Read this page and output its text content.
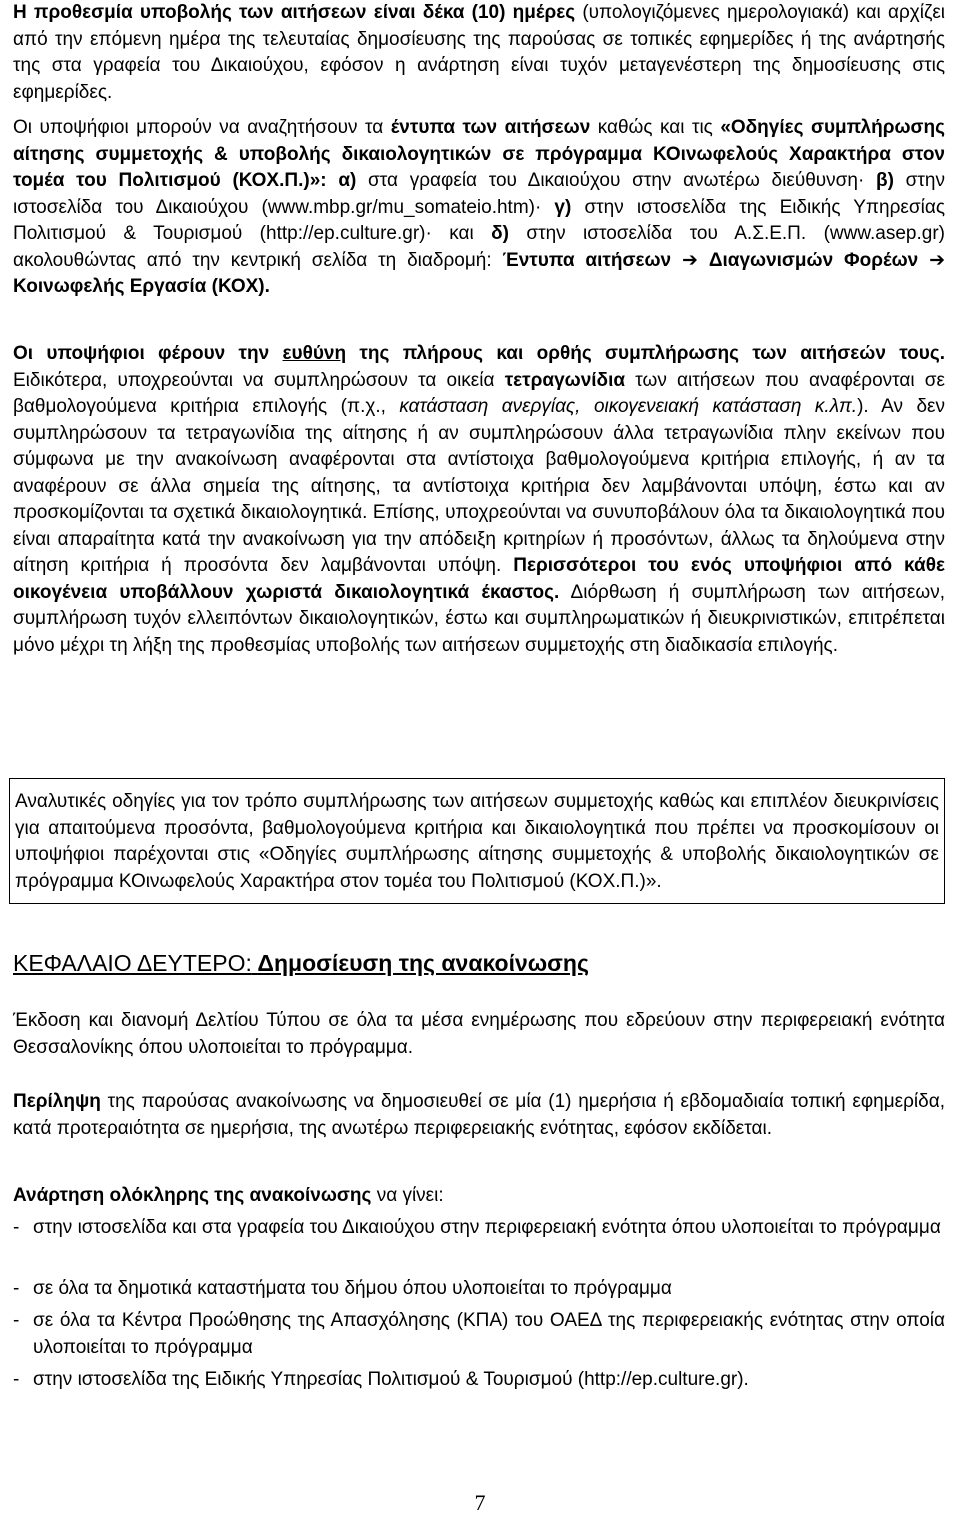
Η προθεσμία υποβολής των αιτήσεων είναι δέκα (10) ημέρες (υπολογιζόμενες ημερολογιακά) και αρχίζει από την επόμενη ημέρα της τελευταίας δημοσίευσης της παρούσας σε τοπικές εφημερίδες ή της ανάρτησής της στα γραφεία του Δικαιούχου, εφόσον η ανάρτηση είναι τυχόν μεταγενέστερη της δημοσίευσης στις εφημερίδες.

Οι υποψήφιοι μπορούν να αναζητήσουν τα έντυπα των αιτήσεων καθώς και τις «Οδηγίες συμπλήρωσης αίτησης συμμετοχής & υποβολής δικαιολογητικών σε πρόγραμμα ΚΟινωφελούς Χαρακτήρα στον τομέα του Πολιτισμού (ΚΟΧ.Π.)»: α) στα γραφεία του Δικαιούχου στην ανωτέρω διεύθυνση· β) στην ιστοσελίδα του Δικαιούχου (www.mbp.gr/mu_somateio.htm)· γ) στην ιστοσελίδα της Ειδικής Υπηρεσίας Πολιτισμού & Τουρισμού (http://ep.culture.gr)· και δ) στην ιστοσελίδα του Α.Σ.Ε.Π. (www.asep.gr) ακολουθώντας από την κεντρική σελίδα τη διαδρομή: Έντυπα αιτήσεων ➔ Διαγωνισμών Φορέων ➔ Κοινωφελής Εργασία (ΚΟΧ).

Οι υποψήφιοι φέρουν την ευθύνη της πλήρους και ορθής συμπλήρωσης των αιτήσεών τους. Ειδικότερα, υποχρεούνται να συμπληρώσουν τα οικεία τετραγωνίδια των αιτήσεων που αναφέρονται σε βαθμολογούμενα κριτήρια επιλογής (π.χ., κατάσταση ανεργίας, οικογενειακή κατάσταση κ.λπ.). Αν δεν συμπληρώσουν τα τετραγωνίδια της αίτησης ή αν συμπληρώσουν άλλα τετραγωνίδια πλην εκείνων που σύμφωνα με την ανακοίνωση αναφέρονται στα αντίστοιχα βαθμολογούμενα κριτήρια επιλογής, ή αν τα αναφέρουν σε άλλα σημεία της αίτησης, τα αντίστοιχα κριτήρια δεν λαμβάνονται υπόψη, έστω και αν προσκομίζονται τα σχετικά δικαιολογητικά. Επίσης, υποχρεούνται να συνυποβάλουν όλα τα δικαιολογητικά που είναι απαραίτητα κατά την ανακοίνωση για την απόδειξη κριτηρίων ή προσόντων, άλλως τα δηλούμενα στην αίτηση κριτήρια ή προσόντα δεν λαμβάνονται υπόψη. Περισσότεροι του ενός υποψήφιοι από κάθε οικογένεια υποβάλλουν χωριστά δικαιολογητικά έκαστος. Διόρθωση ή συμπλήρωση των αιτήσεων, συμπλήρωση τυχόν ελλειπόντων δικαιολογητικών, έστω και συμπληρωματικών ή διευκρινιστικών, επιτρέπεται μόνο μέχρι τη λήξη της προθεσμίας υποβολής των αιτήσεων συμμετοχής στη διαδικασία επιλογής.

Αναλυτικές οδηγίες για τον τρόπο συμπλήρωσης των αιτήσεων συμμετοχής καθώς και επιπλέον διευκρινίσεις για απαιτούμενα προσόντα, βαθμολογούμενα κριτήρια και δικαιολογητικά που πρέπει να προσκομίσουν οι υποψήφιοι παρέχονται στις «Οδηγίες συμπλήρωσης αίτησης συμμετοχής & υποβολής δικαιολογητικών σε πρόγραμμα ΚΟινωφελούς Χαρακτήρα στον τομέα του Πολιτισμού (ΚΟΧ.Π.)».

ΚΕΦΑΛΑΙΟ ΔΕΥΤΕΡΟ: Δημοσίευση της ανακοίνωσης

Έκδοση και διανομή Δελτίου Τύπου σε όλα τα μέσα ενημέρωσης που εδρεύουν στην περιφερειακή ενότητα Θεσσαλονίκης όπου υλοποιείται το πρόγραμμα.

Περίληψη της παρούσας ανακοίνωσης να δημοσιευθεί σε μία (1) ημερήσια ή εβδομαδιαία τοπική εφημερίδα, κατά προτεραιότητα σε ημερήσια, της ανωτέρω περιφερειακής ενότητας, εφόσον εκδίδεται.

Ανάρτηση ολόκληρης της ανακοίνωσης να γίνει:

- στην ιστοσελίδα και στα γραφεία του Δικαιούχου στην περιφερειακή ενότητα όπου υλοποιείται το πρόγραμμα
- σε όλα τα δημοτικά καταστήματα του δήμου όπου υλοποιείται το πρόγραμμα
- σε όλα τα Κέντρα Προώθησης της Απασχόλησης (ΚΠΑ) του ΟΑΕΔ της περιφερειακής ενότητας στην οποία υλοποιείται το πρόγραμμα
- στην ιστοσελίδα της Ειδικής Υπηρεσίας Πολιτισμού & Τουρισμού (http://ep.culture.gr).
7
